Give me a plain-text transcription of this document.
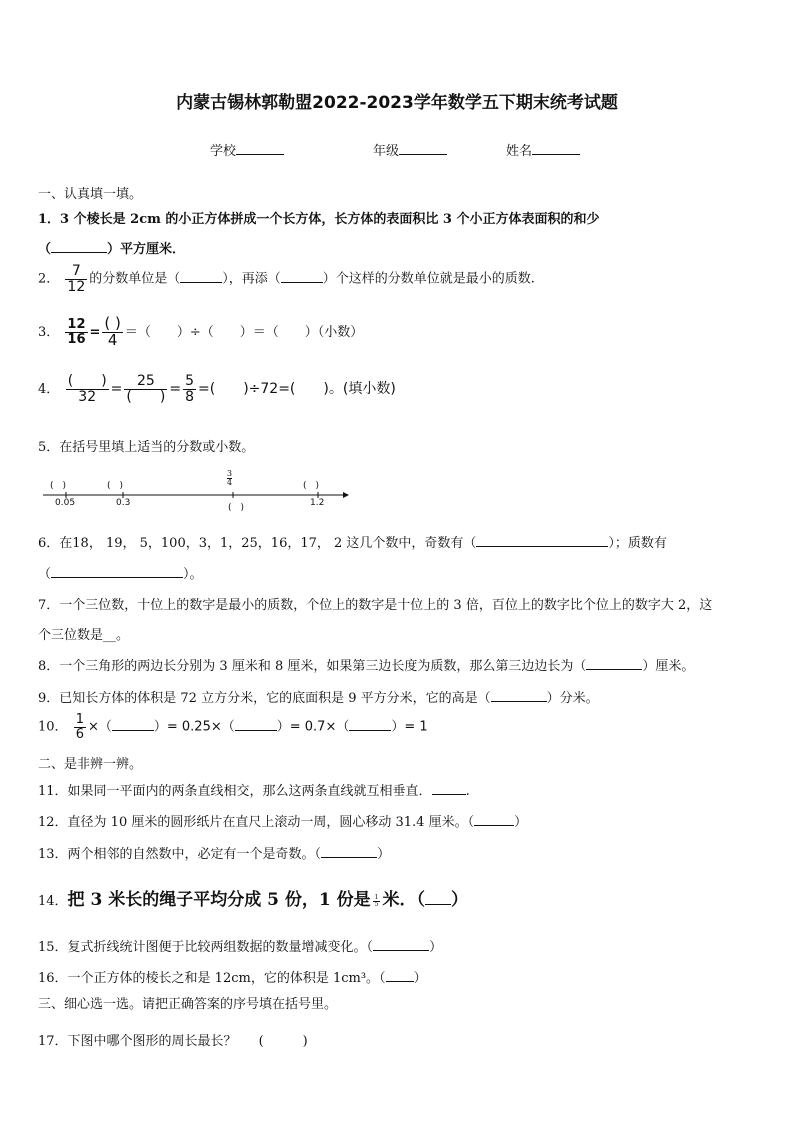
内蒙古锡林郭勒盟2022-2023学年数学五下期末统考试题
学校	年级	姓名
一、认真填一填。
1．3 个棱长是 2cm 的小正方体拼成一个长方体，长方体的表面积比 3 个小正方体表面积的和少
（	）平方厘米．
2． $\frac{7}{12}$ 的分数单位是（	），再添（	）个这样的分数单位就是最小的质数.
3． $\frac{12}{16} = \frac{( )}{4}$ ＝（　　）÷（　　）＝（　　）（小数）
4． $\frac{( )}{32} = \frac{25}{( )} = \frac{5}{8}$ =(　　)÷72=(　　)。(填小数)
5．在括号里填上适当的分数或小数。
(　)	(　)	(　)
0.05	0.3	1.2
$\frac{3}{4}$
(　)
6．在18， 19， 5，100，3，1，25，16，17， 2 这几个数中，奇数有（	）；质数有
（	）。
7．一个三位数，十位上的数字是最小的质数，个位上的数字是十位上的 3 倍，百位上的数字比个位上的数字大 2，这
个三位数是__。
8．一个三角形的两边长分别为 3 厘米和 8 厘米，如果第三边长度为质数，那么第三边边长为（	）厘米。
9．已知长方体的体积是 72 立方分米，它的底面积是 9 平方分米，它的高是（	）分米。
10． $\frac{1}{6}$ ×（	）= 0.25×（	）= 0.7×（	）= 1
二、是非辨一辨。
11．如果同一平面内的两条直线相交，那么这两条直线就互相垂直．	.
12．直径为 10 厘米的圆形纸片在直尺上滚动一周，圆心移动 31.4 厘米。（	）
13．两个相邻的自然数中，必定有一个是奇数。（	）
14．把 3 米长的绳子平均分成 5 份，1 份是 $\frac{1}{5}$ 米．（ ）
15．复式折线统计图便于比较两组数据的数量增减变化。（	）
16．一个正方体的棱长之和是 12cm，它的体积是 1cm³。（ ）
三、细心选一选。请把正确答案的序号填在括号里。
17．下图中哪个图形的周长最长？ (　　　)
